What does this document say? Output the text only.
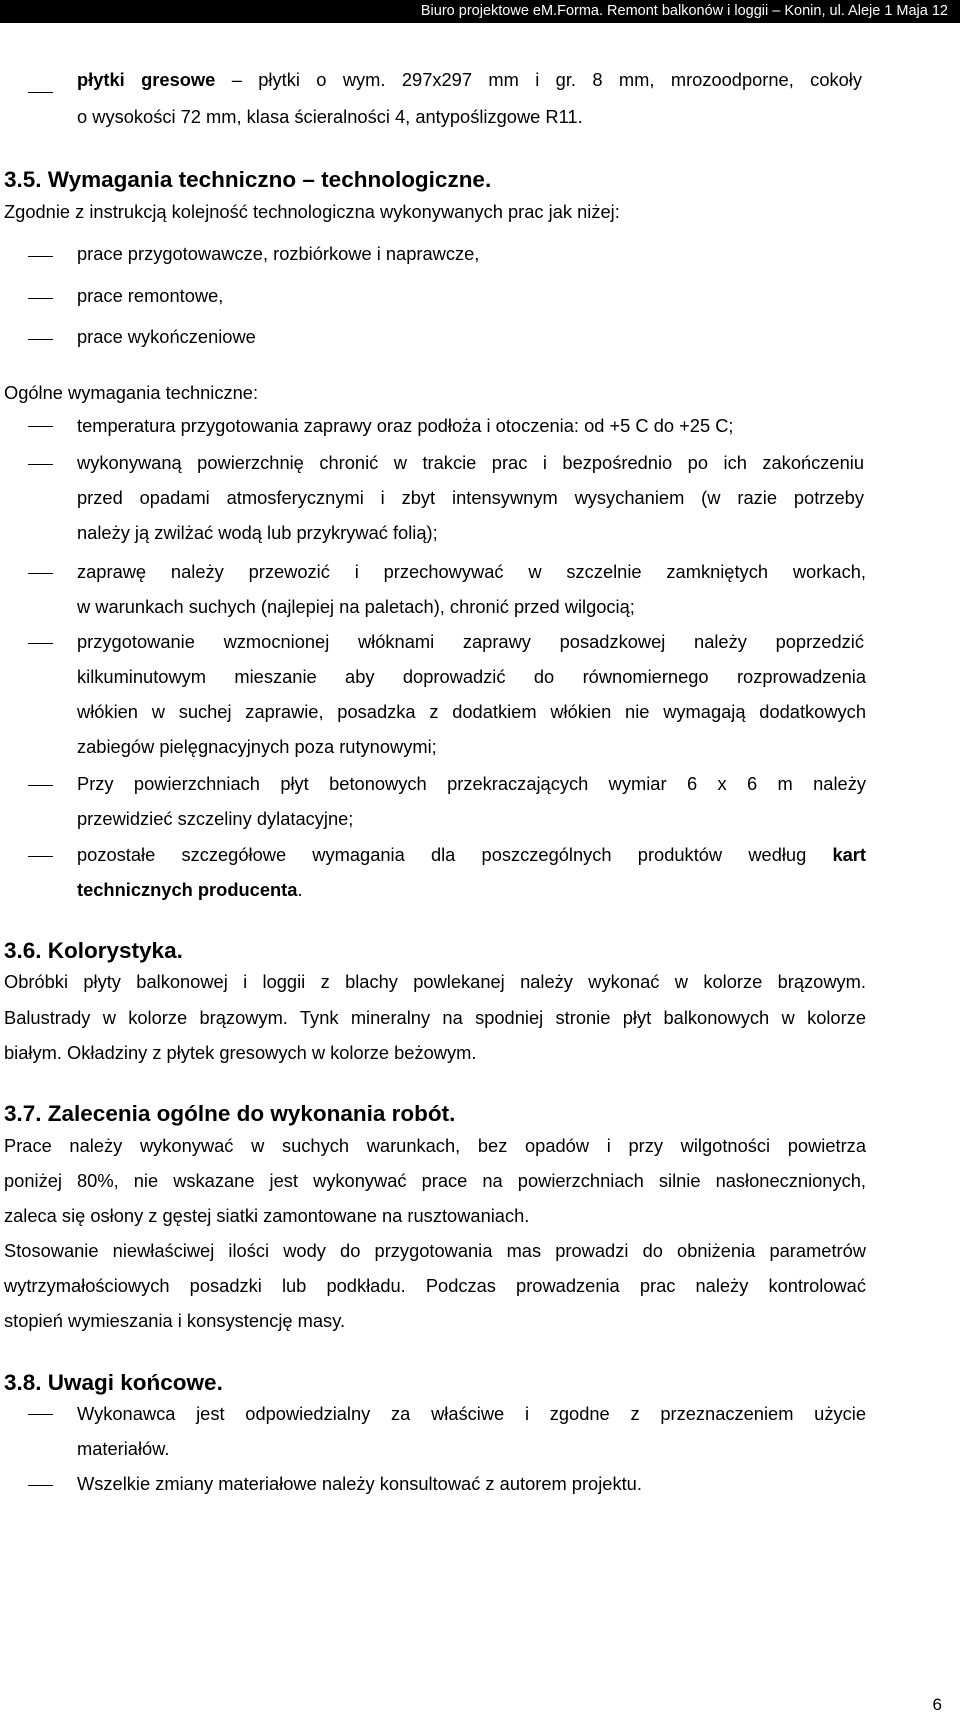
Biuro projektowe eM.Forma. Remont balkonów i loggii – Konin, ul. Aleje 1 Maja 12
płytki gresowe – płytki o wym. 297x297 mm i gr. 8 mm, mrozoodporne, cokoły
o wysokości 72 mm, klasa ścieralności 4, antypoślizgowe R11.
3.5. Wymagania techniczno – technologiczne.
Zgodnie z instrukcją kolejność technologiczna wykonywanych prac jak niżej:
prace przygotowawcze, rozbiórkowe i naprawcze,
prace remontowe,
prace wykończeniowe
Ogólne wymagania techniczne:
temperatura przygotowania zaprawy oraz podłoża i otoczenia: od +5 C do +25 C;
wykonywaną powierzchnię chronić w trakcie prac i bezpośrednio po ich zakończeniu
przed opadami atmosferycznymi i zbyt intensywnym wysychaniem (w razie potrzeby
należy ją zwilżać wodą lub przykrywać folią);
zaprawę należy przewozić i przechowywać w szczelnie zamkniętych workach,
w warunkach suchych (najlepiej na paletach), chronić przed wilgocią;
przygotowanie wzmocnionej włóknami zaprawy posadzkowej należy poprzedzić
kilkuminutowym mieszanie aby doprowadzić do równomiernego rozprowadzenia
włókien w suchej zaprawie, posadzka z dodatkiem włókien nie wymagają dodatkowych
zabiegów pielęgnacyjnych poza rutynowymi;
Przy powierzchniach płyt betonowych przekraczających wymiar 6 x 6 m należy
przewidzieć szczeliny dylatacyjne;
pozostałe szczegółowe wymagania dla poszczególnych produktów według kart
technicznych producenta.
3.6. Kolorystyka.
Obróbki płyty balkonowej i loggii z blachy powlekanej należy wykonać w kolorze brązowym.
Balustrady w kolorze brązowym. Tynk mineralny na spodniej stronie płyt balkonowych w kolorze
białym. Okładziny z płytek gresowych w kolorze beżowym.
3.7. Zalecenia ogólne do wykonania robót.
Prace należy wykonywać w suchych warunkach, bez opadów i przy wilgotności powietrza
poniżej 80%, nie wskazane jest wykonywać prace na powierzchniach silnie nasłonecznionych,
zaleca się osłony z gęstej siatki zamontowane na rusztowaniach.
Stosowanie niewłaściwej ilości wody do przygotowania mas prowadzi do obniżenia parametrów
wytrzymałościowych posadzki lub podkładu. Podczas prowadzenia prac należy kontrolować
stopień wymieszania i konsystencję masy.
3.8. Uwagi końcowe.
Wykonawca jest odpowiedzialny za właściwe i zgodne z przeznaczeniem użycie
materiałów.
Wszelkie zmiany materiałowe należy konsultować z autorem projektu.
6
